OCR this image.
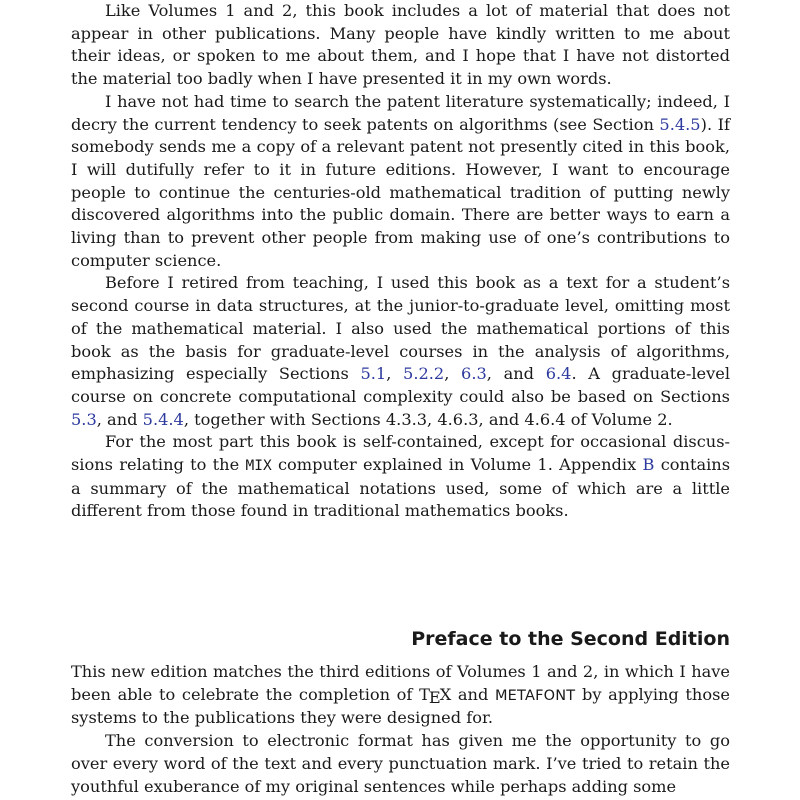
Like Volumes 1 and 2, this book includes a lot of material that does not appear in other publications. Many people have kindly written to me about their ideas, or spoken to me about them, and I hope that I have not distorted the material too badly when I have presented it in my own words.

I have not had time to search the patent literature systematically; indeed, I decry the current tendency to seek patents on algorithms (see Section 5.4.5). If somebody sends me a copy of a relevant patent not presently cited in this book, I will dutifully refer to it in future editions. However, I want to encourage people to continue the centuries-old mathematical tradition of putting newly discovered algorithms into the public domain. There are better ways to earn a living than to prevent other people from making use of one’s contributions to computer science.

Before I retired from teaching, I used this book as a text for a student’s second course in data structures, at the junior-to-graduate level, omitting most of the mathematical material. I also used the mathematical portions of this book as the basis for graduate-level courses in the analysis of algorithms, emphasizing especially Sections 5.1, 5.2.2, 6.3, and 6.4. A graduate-level course on concrete computational complexity could also be based on Sections 5.3, and 5.4.4, together with Sections 4.3.3, 4.6.3, and 4.6.4 of Volume 2.

For the most part this book is self-contained, except for occasional discussions relating to the MIX computer explained in Volume 1. Appendix B contains a summary of the mathematical notations used, some of which are a little different from those found in traditional mathematics books.

Preface to the Second Edition

This new edition matches the third editions of Volumes 1 and 2, in which I have been able to celebrate the completion of TEX and METAFONT by applying those systems to the publications they were designed for.

The conversion to electronic format has given me the opportunity to go over every word of the text and every punctuation mark. I’ve tried to retain the youthful exuberance of my original sentences while perhaps adding some
